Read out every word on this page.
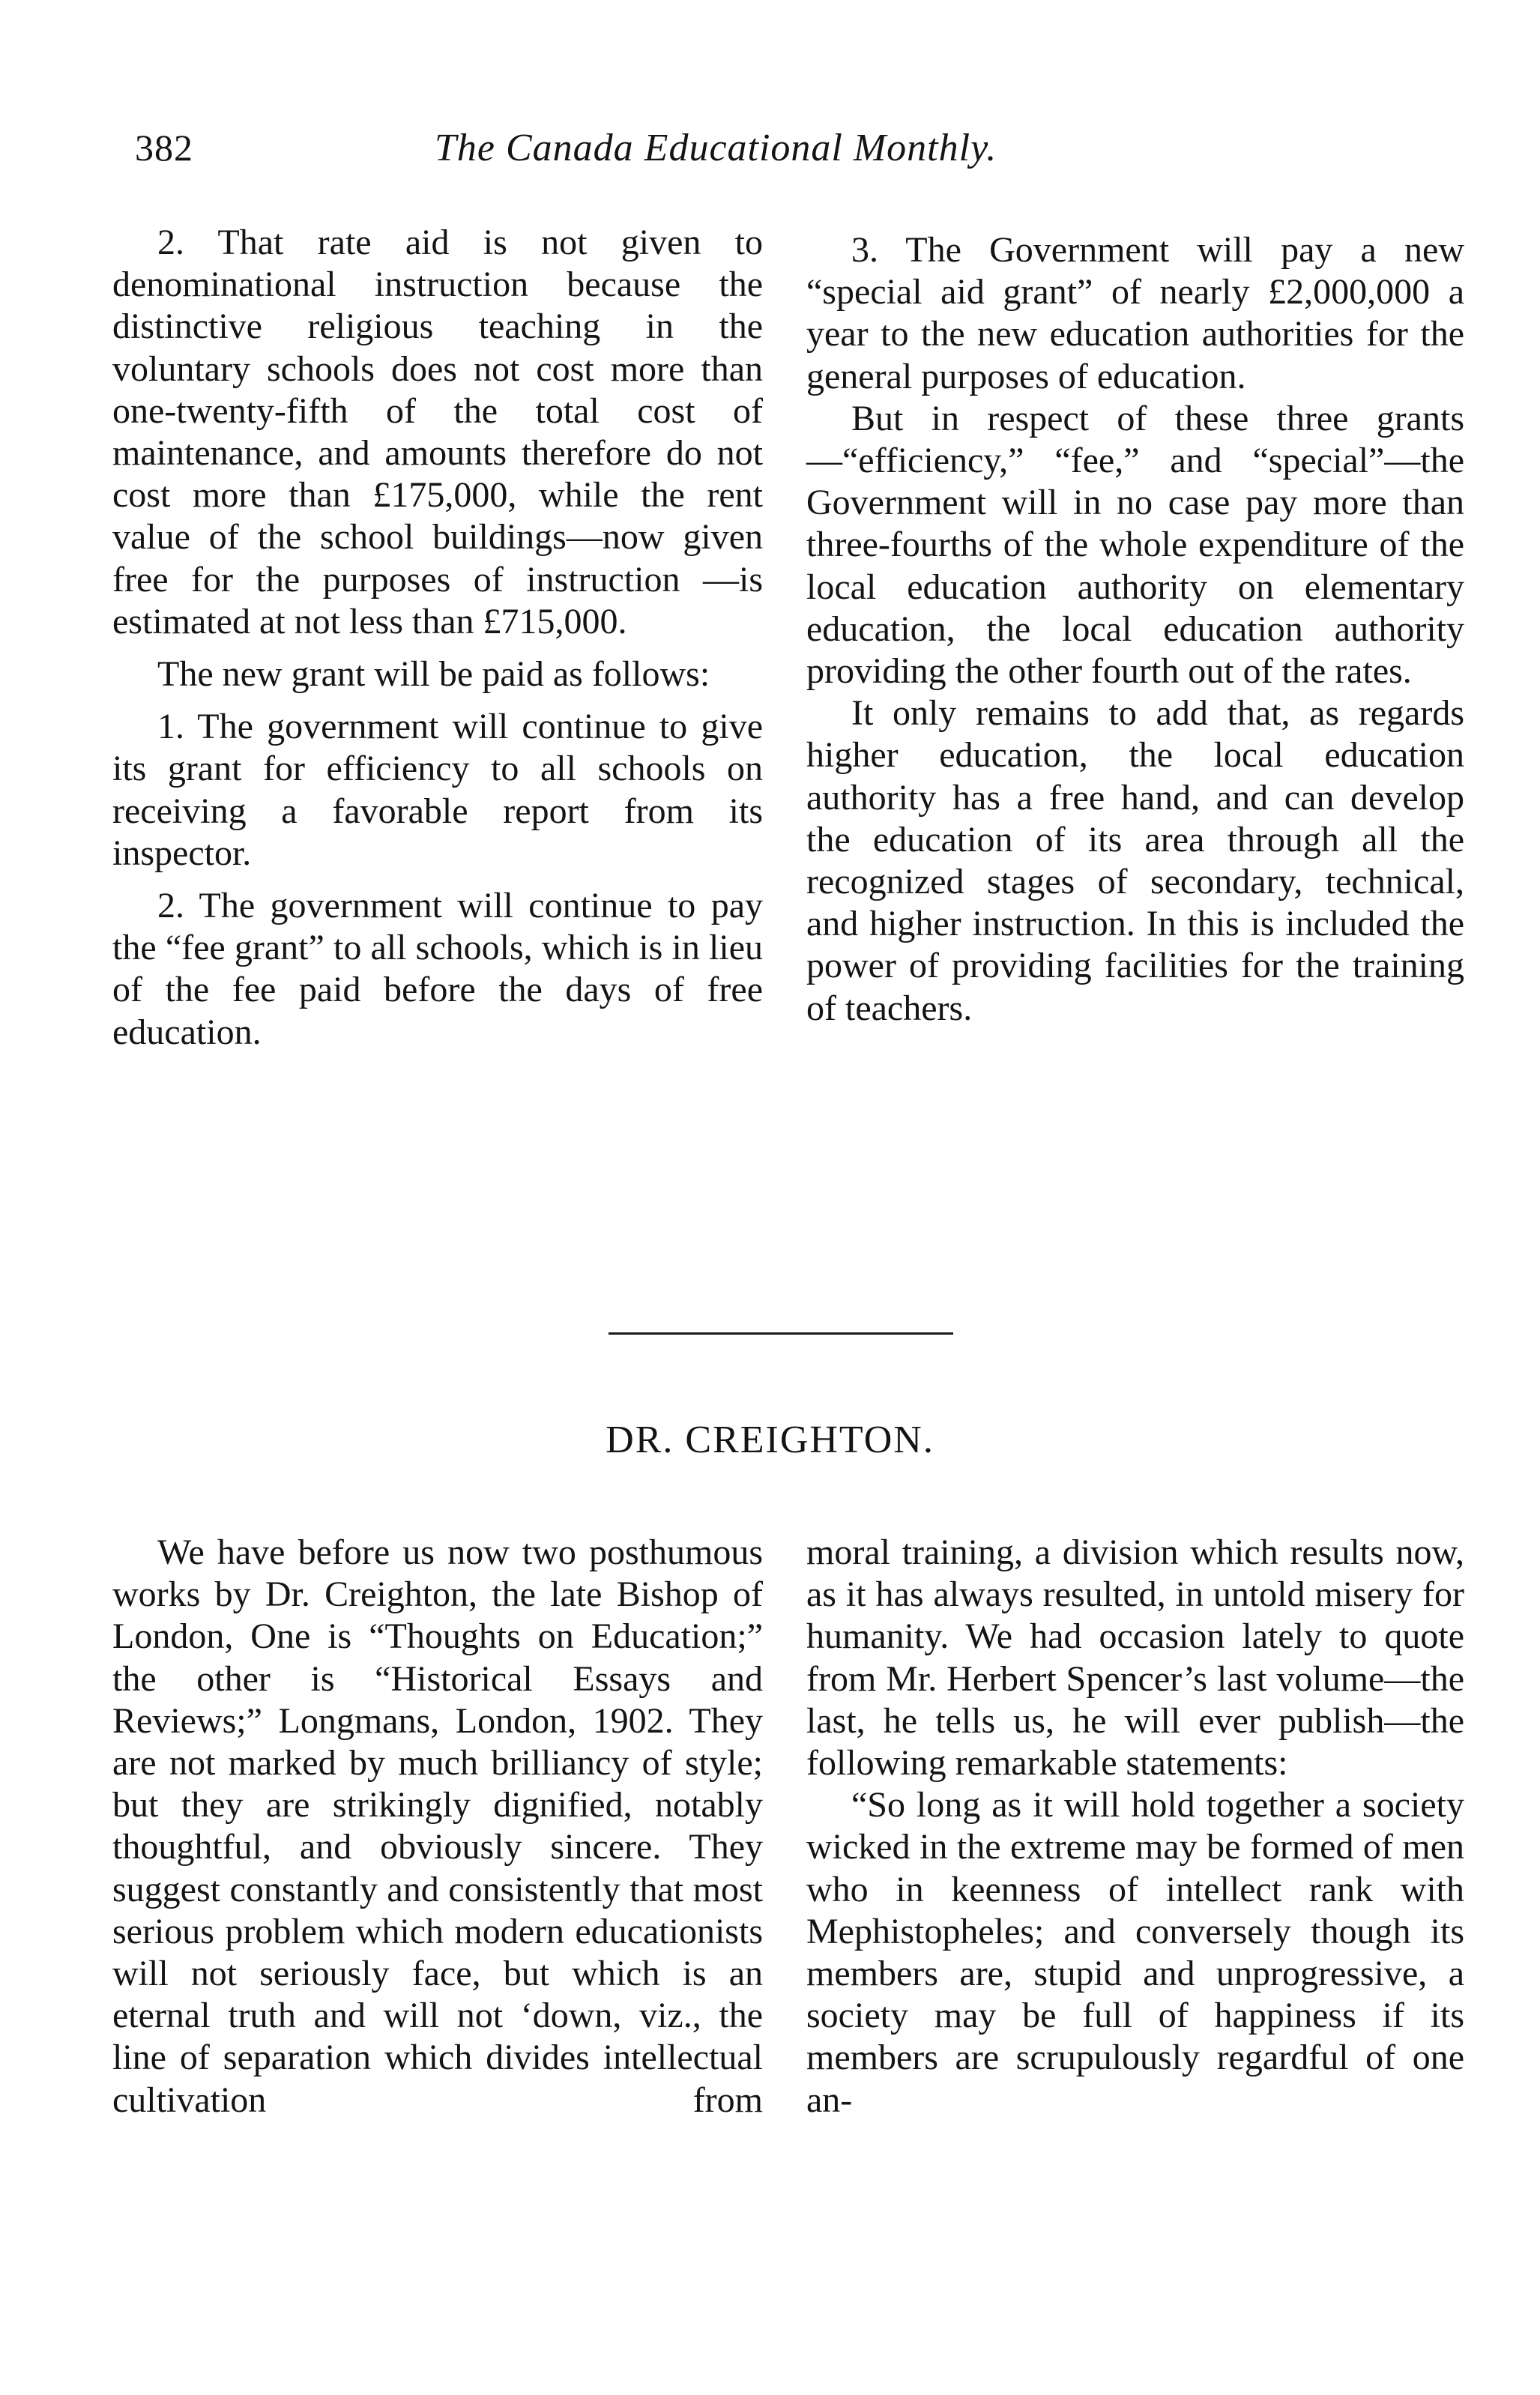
382	The Canada Educational Monthly.

2. That rate aid is not given to denominational instruction because the distinctive religious teaching in the voluntary schools does not cost more than one-twenty-fifth of the total cost of maintenance, and amounts therefore do not cost more than £175,000, while the rent value of the school buildings—now given free for the purposes of instruction —is estimated at not less than £715,000.

The new grant will be paid as follows:

1. The government will continue to give its grant for efficiency to all schools on receiving a favorable report from its inspector.

2. The government will continue to pay the “fee grant” to all schools, which is in lieu of the fee paid before the days of free education.

3. The Government will pay a new “special aid grant” of nearly £2,000,000 a year to the new education authorities for the general purposes of education.

But in respect of these three grants—“efficiency,” “fee,” and “special”—the Government will in no case pay more than three-fourths of the whole expenditure of the local education authority on elementary education, the local education authority providing the other fourth out of the rates.

It only remains to add that, as regards higher education, the local education authority has a free hand, and can develop the education of its area through all the recognized stages of secondary, technical, and higher instruction. In this is included the power of providing facilities for the training of teachers.

DR. CREIGHTON.

We have before us now two posthumous works by Dr. Creighton, the late Bishop of London, One is “Thoughts on Education;” the other is “Historical Essays and Reviews;” Longmans, London, 1902. They are not marked by much brilliancy of style; but they are strikingly dignified, notably thoughtful, and obviously sincere. They suggest constantly and consistently that most serious problem which modern educationists will not seriously face, but which is an eternal truth and will not ‘down, viz., the line of separation which divides intellectual cultivation from

moral training, a division which results now, as it has always resulted, in untold misery for humanity. We had occasion lately to quote from Mr. Herbert Spencer’s last volume—the last, he tells us, he will ever publish—the following remarkable statements:

“So long as it will hold together a society wicked in the extreme may be formed of men who in keenness of intellect rank with Mephistopheles; and conversely though its members are, stupid and unprogressive, a society may be full of happiness if its members are scrupulously regardful of one an-
